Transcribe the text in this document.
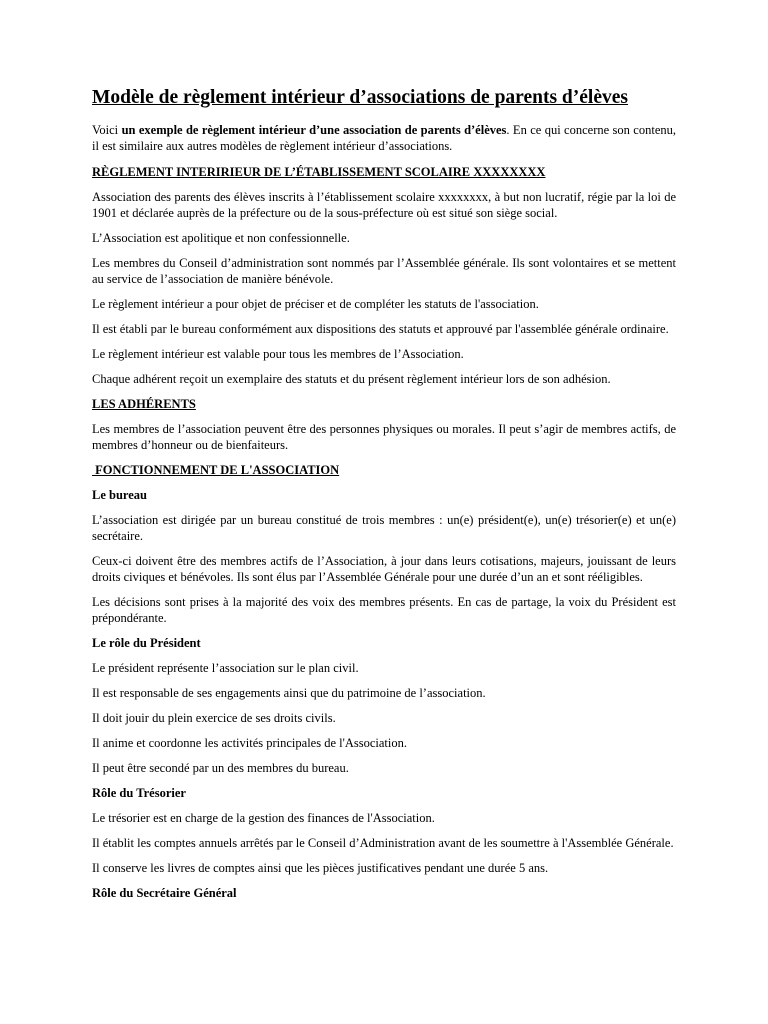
Modèle de règlement intérieur d’associations de parents d’élèves

Voici un exemple de règlement intérieur d’une association de parents d’élèves. En ce qui concerne son contenu, il est similaire aux autres modèles de règlement intérieur d’associations.

RÈGLEMENT INTERIRIEUR DE L’ÉTABLISSEMENT SCOLAIRE XXXXXXXX

Association des parents des élèves inscrits à l’établissement scolaire xxxxxxxx, à but non lucratif, régie par la loi de 1901 et déclarée auprès de la préfecture ou de la sous-préfecture où est situé son siège social.

L’Association est apolitique et non confessionnelle.

Les membres du Conseil d’administration sont nommés par l’Assemblée générale. Ils sont volontaires et se mettent au service de l’association de manière bénévole.

Le règlement intérieur a pour objet de préciser et de compléter les statuts de l'association.

Il est établi par le bureau conformément aux dispositions des statuts et approuvé par l'assemblée générale ordinaire.

Le règlement intérieur est valable pour tous les membres de l’Association.

Chaque adhérent reçoit un exemplaire des statuts et du présent règlement intérieur lors de son adhésion.

LES ADHÉRENTS

Les membres de l’association peuvent être des personnes physiques ou morales. Il peut s’agir de membres actifs, de membres d’honneur ou de bienfaiteurs.

FONCTIONNEMENT DE L'ASSOCIATION
Le bureau

L’association est dirigée par un bureau constitué de trois membres : un(e) président(e), un(e) trésorier(e) et un(e) secrétaire.

Ceux-ci doivent être des membres actifs de l’Association, à jour dans leurs cotisations, majeurs, jouissant de leurs droits civiques et bénévoles. Ils sont élus par l’Assemblée Générale pour une durée d’un an et sont rééligibles.

Les décisions sont prises à la majorité des voix des membres présents. En cas de partage, la voix du Président est prépondérante.

Le rôle du Président

Le président représente l’association sur le plan civil.

Il est responsable de ses engagements ainsi que du patrimoine de l’association.

Il doit jouir du plein exercice de ses droits civils.

Il anime et coordonne les activités principales de l'Association.

Il peut être secondé par un des membres du bureau.

Rôle du Trésorier

Le trésorier est en charge de la gestion des finances de l'Association.

Il établit les comptes annuels arrêtés par le Conseil d’Administration avant de les soumettre à l'Assemblée Générale.

Il conserve les livres de comptes ainsi que les pièces justificatives pendant une durée 5 ans.

Rôle du Secrétaire Général
